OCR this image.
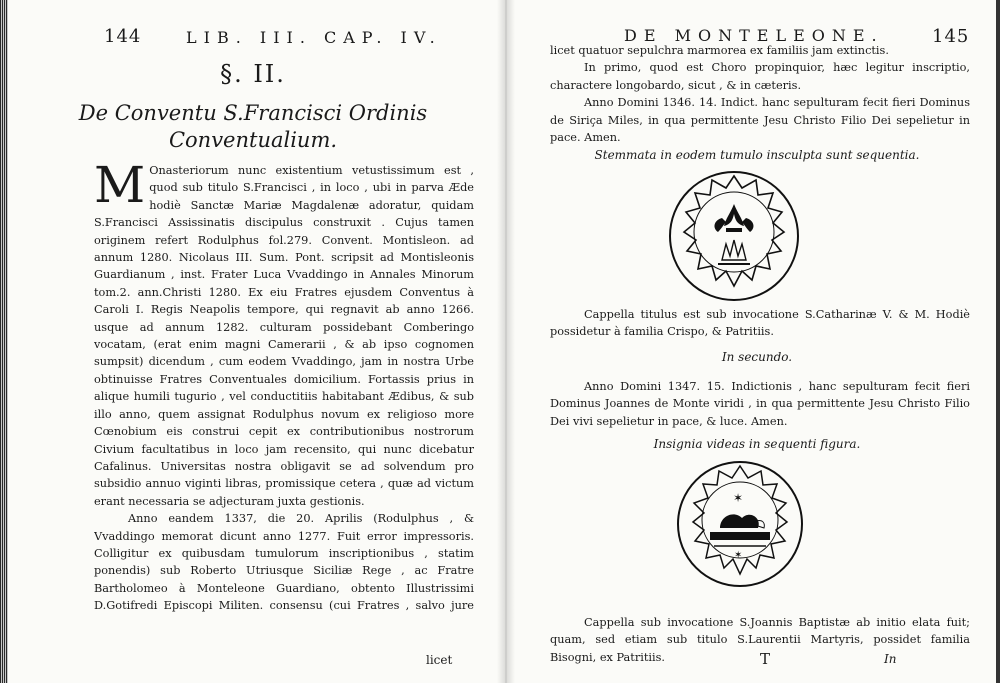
144	LIB. III. CAP. IV.
§. II.
De Conventu S.Francisci Ordinis
Conventualium.

M Onasteriorum nunc existentium vetustissimum est , quod sub titulo S.Francisci , in loco , ubi in parva Æde hodiè Sanctæ Mariæ Magdalenæ adoratur, quidam S.Francisci Assissinatis discipulus construxit . Cujus tamen originem refert Rodulphus fol.279. Convent. Montisleon. ad annum 1280. Nicolaus III. Sum. Pont. scripsit ad Montisleonis Guardianum , inst. Frater Luca Vvaddingo in Annales Minorum tom.2. ann.Christi 1280. Ex eiu Fratres ejusdem Conventus à Caroli I. Regis Neapolis tempore, qui regnavit ab anno 1266. usque ad annum 1282. culturam possidebant Comberingo vocatam, (erat enim magni Camerarii , & ab ipso cognomen sumpsit) dicendum , cum eodem Vvaddingo, jam in nostra Urbe obtinuisse Fratres Conventuales domicilium. Fortassis prius in alique humili tugurio , vel conductitiis habitabant Ædibus, & sub illo anno, quem assignat Rodulphus novum ex religioso more Cœnobium eis construi cepit ex contributionibus nostrorum Civium facultatibus in loco jam recensito, qui nunc dicebatur Cafalinus. Universitas nostra obligavit se ad solvendum pro subsidio annuo viginti libras, promissique cetera , quæ ad victum erant necessaria se adjecturam juxta gestionis.

Anno eandem 1337, die 20. Aprilis (Rodulphus , & Vvaddingo memorat dicunt anno 1277. Fuit error impressoris. Colligitur ex quibusdam tumulorum inscriptionibus , statim ponendis) sub Roberto Utriusque Siciliæ Rege , ac Fratre Bartholomeo à Monteleone Guardiano, obtento Illustrissimi D.Gotifredi Episcopi Militen. consensu (cui Fratres , salvo jure

licet
DE MONTELEONE.	145

licet quatuor sepulchra marmorea ex familiis jam extinctis.

In primo, quod est Choro propinquior, hæc legitur inscriptio, charactere longobardo, sicut , & in cæteris.

Anno Domini 1346. 14. Indict. hanc sepulturam fecit fieri Dominus de Siriça Miles, in qua permittente Jesu Christo Filio Dei sepelietur in pace. Amen.

Stemmata in eodem tumulo insculpta sunt sequentia.

Cappella titulus est sub invocatione S.Catharinæ V. & M. Hodiè possidetur à familia Crispo, & Patritiis.

In secundo.

Anno Domini 1347. 15. Indictionis , hanc sepulturam fecit fieri Dominus Joannes de Monte viridi , in qua permittente Jesu Christo Filio Dei vivi sepelietur in pace, & luce. Amen.

Insignia videas in sequenti figura.
✶
✶

Cappella sub invocatione S.Joannis Baptistæ ab initio elata fuit; quam, sed etiam sub titulo S.Laurentii Martyris, possidet familia Bisogni, ex Patritiis.	T	In
